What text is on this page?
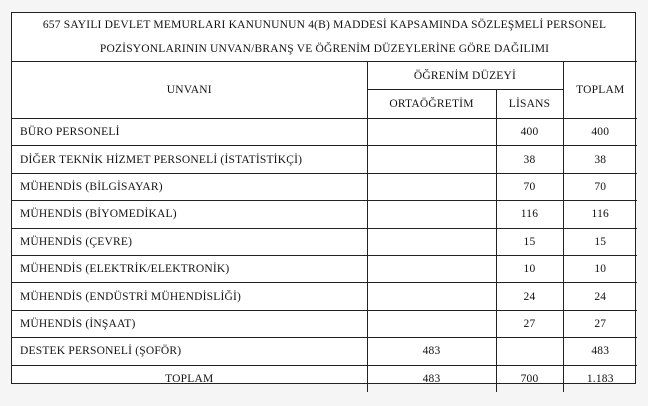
657 SAYILI DEVLET MEMURLARI KANUNUNUN 4(B) MADDESİ KAPSAMINDA SÖZLEŞMELİ PERSONEL
POZİSYONLARININ UNVAN/BRANŞ VE ÖĞRENİM DÜZEYLERİNE GÖRE DAĞILIMI			

UNVANI	ÖĞRENİM DÜZEYİ		TOPLAM
	ORTAÖĞRETİM	LİSANS	
BÜRO PERSONELİ		400	400
DİĞER TEKNİK HİZMET PERSONELİ (İSTATİSTİKÇİ)		38	38
MÜHENDİS (BİLGİSAYAR)		70	70
MÜHENDİS (BİYOMEDİKAL)		116	116
MÜHENDİS (ÇEVRE)		15	15
MÜHENDİS (ELEKTRİK/ELEKTRONİK)		10	10
MÜHENDİS (ENDÜSTRİ MÜHENDİSLİĞİ)		24	24
MÜHENDİS (İNŞAAT)		27	27
DESTEK PERSONELİ (ŞOFÖR)	483		483
TOPLAM	483	700	1.183
